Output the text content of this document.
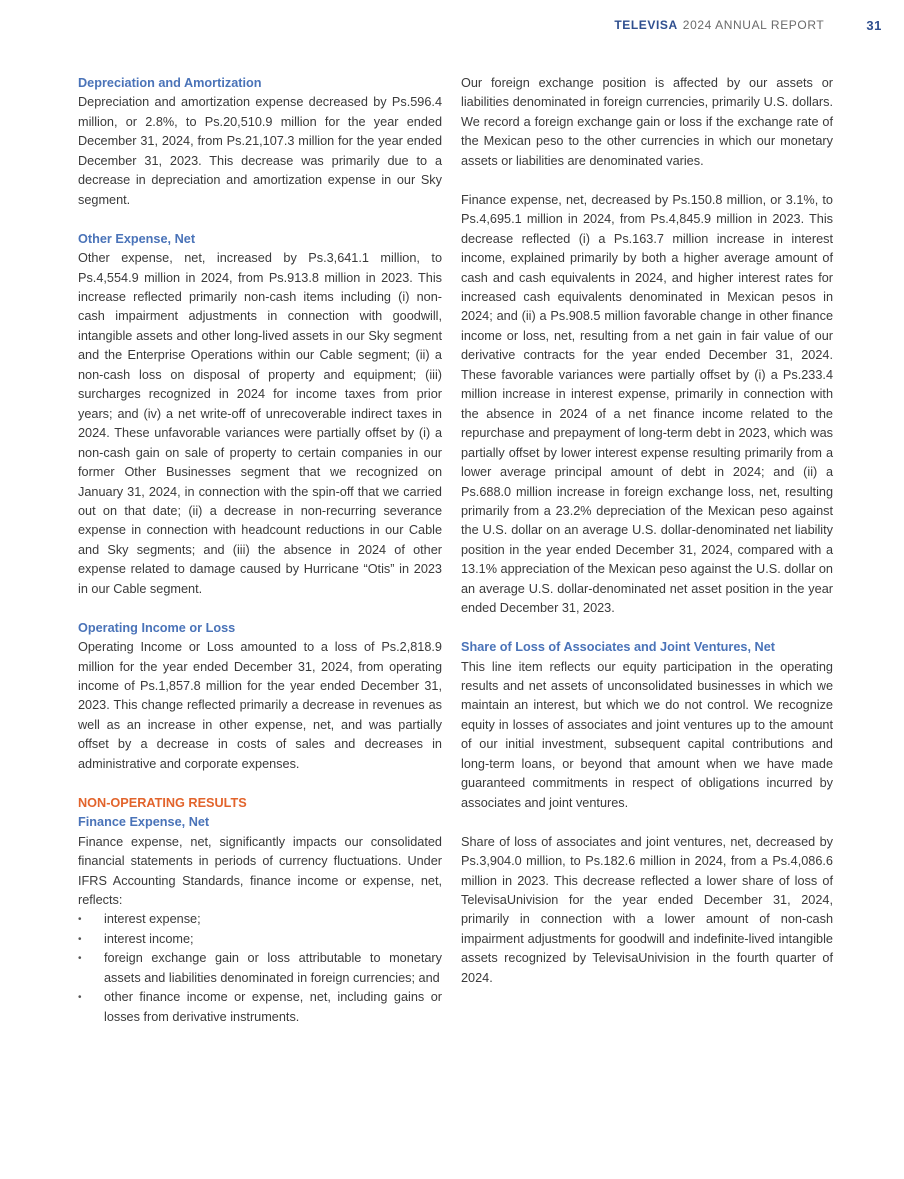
TELEVISA 2024 ANNUAL REPORT	31
Depreciation and Amortization

Depreciation and amortization expense decreased by Ps.596.4 million, or 2.8%, to Ps.20,510.9 million for the year ended December 31, 2024, from Ps.21,107.3 million for the year ended December 31, 2023. This decrease was primarily due to a decrease in depreciation and amortization expense in our Sky segment.

Other Expense, Net

Other expense, net, increased by Ps.3,641.1 million, to Ps.4,554.9 million in 2024, from Ps.913.8 million in 2023. This increase reflected primarily non-cash items including (i) non-cash impairment adjustments in connection with goodwill, intangible assets and other long-lived assets in our Sky segment and the Enterprise Operations within our Cable segment; (ii) a non-cash loss on disposal of property and equipment; (iii) surcharges recognized in 2024 for income taxes from prior years; and (iv) a net write-off of unrecoverable indirect taxes in 2024. These unfavorable variances were partially offset by (i) a non-cash gain on sale of property to certain companies in our former Other Businesses segment that we recognized on January 31, 2024, in connection with the spin-off that we carried out on that date; (ii) a decrease in non-recurring severance expense in connection with headcount reductions in our Cable and Sky segments; and (iii) the absence in 2024 of other expense related to damage caused by Hurricane “Otis” in 2023 in our Cable segment.

Operating Income or Loss

Operating Income or Loss amounted to a loss of Ps.2,818.9 million for the year ended December 31, 2024, from operating income of Ps.1,857.8 million for the year ended December 31, 2023. This change reflected primarily a decrease in revenues as well as an increase in other expense, net, and was partially offset by a decrease in costs of sales and decreases in administrative and corporate expenses.

NON-OPERATING RESULTS
Finance Expense, Net

Finance expense, net, significantly impacts our consolidated financial statements in periods of currency fluctuations. Under IFRS Accounting Standards, finance income or expense, net, reflects:

• interest expense;
• interest income;
• foreign exchange gain or loss attributable to monetary assets and liabilities denominated in foreign currencies; and
• other finance income or expense, net, including gains or losses from derivative instruments.

Our foreign exchange position is affected by our assets or liabilities denominated in foreign currencies, primarily U.S. dollars. We record a foreign exchange gain or loss if the exchange rate of the Mexican peso to the other currencies in which our monetary assets or liabilities are denominated varies.

Finance expense, net, decreased by Ps.150.8 million, or 3.1%, to Ps.4,695.1 million in 2024, from Ps.4,845.9 million in 2023. This decrease reflected (i) a Ps.163.7 million increase in interest income, explained primarily by both a higher average amount of cash and cash equivalents in 2024, and higher interest rates for increased cash equivalents denominated in Mexican pesos in 2024; and (ii) a Ps.908.5 million favorable change in other finance income or loss, net, resulting from a net gain in fair value of our derivative contracts for the year ended December 31, 2024. These favorable variances were partially offset by (i) a Ps.233.4 million increase in interest expense, primarily in connection with the absence in 2024 of a net finance income related to the repurchase and prepayment of long-term debt in 2023, which was partially offset by lower interest expense resulting primarily from a lower average principal amount of debt in 2024; and (ii) a Ps.688.0 million increase in foreign exchange loss, net, resulting primarily from a 23.2% depreciation of the Mexican peso against the U.S. dollar on an average U.S. dollar-denominated net liability position in the year ended December 31, 2024, compared with a 13.1% appreciation of the Mexican peso against the U.S. dollar on an average U.S. dollar-denominated net asset position in the year ended December 31, 2023.

Share of Loss of Associates and Joint Ventures, Net

This line item reflects our equity participation in the operating results and net assets of unconsolidated businesses in which we maintain an interest, but which we do not control. We recognize equity in losses of associates and joint ventures up to the amount of our initial investment, subsequent capital contributions and long-term loans, or beyond that amount when we have made guaranteed commitments in respect of obligations incurred by associates and joint ventures.

Share of loss of associates and joint ventures, net, decreased by Ps.3,904.0 million, to Ps.182.6 million in 2024, from a Ps.4,086.6 million in 2023. This decrease reflected a lower share of loss of TelevisaUnivision for the year ended December 31, 2024, primarily in connection with a lower amount of non-cash impairment adjustments for goodwill and indefinite-lived intangible assets recognized by TelevisaUnivision in the fourth quarter of 2024.
